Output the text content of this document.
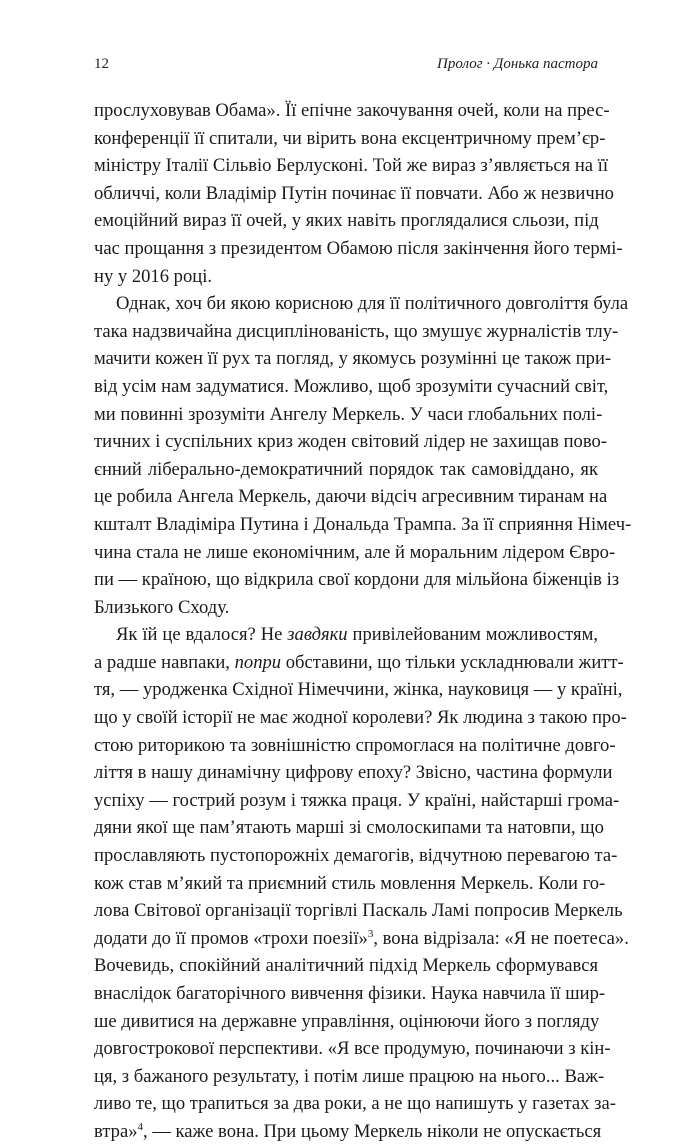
12	Пролог · Донька пастора
прослуховував Обама». Її епічне закочування очей, коли на прес-
конференції її спитали, чи вірить вона ексцентричному прем’єр-
міністру Італії Сільвіо Берлусконі. Той же вираз з’являється на її
обличчі, коли Владімір Путін починає її повчати. Або ж незвично
емоційний вираз її очей, у яких навіть проглядалися сльози, під
час прощання з президентом Обамою після закінчення його термі-
ну у 2016 році.
Однак, хоч би якою корисною для її політичного довголіття була
така надзвичайна дисциплінованість, що змушує журналістів тлу-
мачити кожен її рух та погляд, у якомусь розумінні це також при-
від усім нам задуматися. Можливо, щоб зрозуміти сучасний світ,
ми повинні зрозуміти Ангелу Меркель. У часи глобальних полі-
тичних і суспільних криз жоден світовий лідер не захищав пово-
єнний ліберально-демократичний порядок так самовіддано, як
це робила Ангела Меркель, даючи відсіч агресивним тиранам на
кшталт Владіміра Путина і Дональда Трампа. За її сприяння Німеч-
чина стала не лише економічним, але й моральним лідером Євро-
пи — країною, що відкрила свої кордони для мільйона біженців із
Близького Сходу.
Як їй це вдалося? Не завдяки привілейованим можливостям,
а радше навпаки, попри обставини, що тільки ускладнювали житт-
тя, — уродженка Східної Німеччини, жінка, науковиця — у країні,
що у своїй історії не має жодної королеви? Як людина з такою про-
стою риторикою та зовнішністю спромоглася на політичне довго-
ліття в нашу динамічну цифрову епоху? Звісно, частина формули
успіху — гострий розум і тяжка праця. У країні, найстарші грома-
дяни якої ще пам’ятають марші зі смолоскипами та натовпи, що
прославляють пустопорожніх демагогів, відчутною перевагою та-
кож став м’який та приємний стиль мовлення Меркель. Коли го-
лова Світової організації торгівлі Паскаль Ламі попросив Меркель
додати до її промов «трохи поезії»$^3$, вона відрізала: «Я не поетеса».
Вочевидь, спокійний аналітичний підхід Меркель сформувався
внаслідок багаторічного вивчення фізики. Наука навчила її шир-
ше дивитися на державне управління, оцінюючи його з погляду
довгострокової перспективи. «Я все продумую, починаючи з кін-
ця, з бажаного результату, і потім лише працюю на нього... Важ-
ливо те, що трапиться за два роки, а не що напишуть у газетах за-
втра»$^4$, — каже вона. При цьому Меркель ніколи не опускається
